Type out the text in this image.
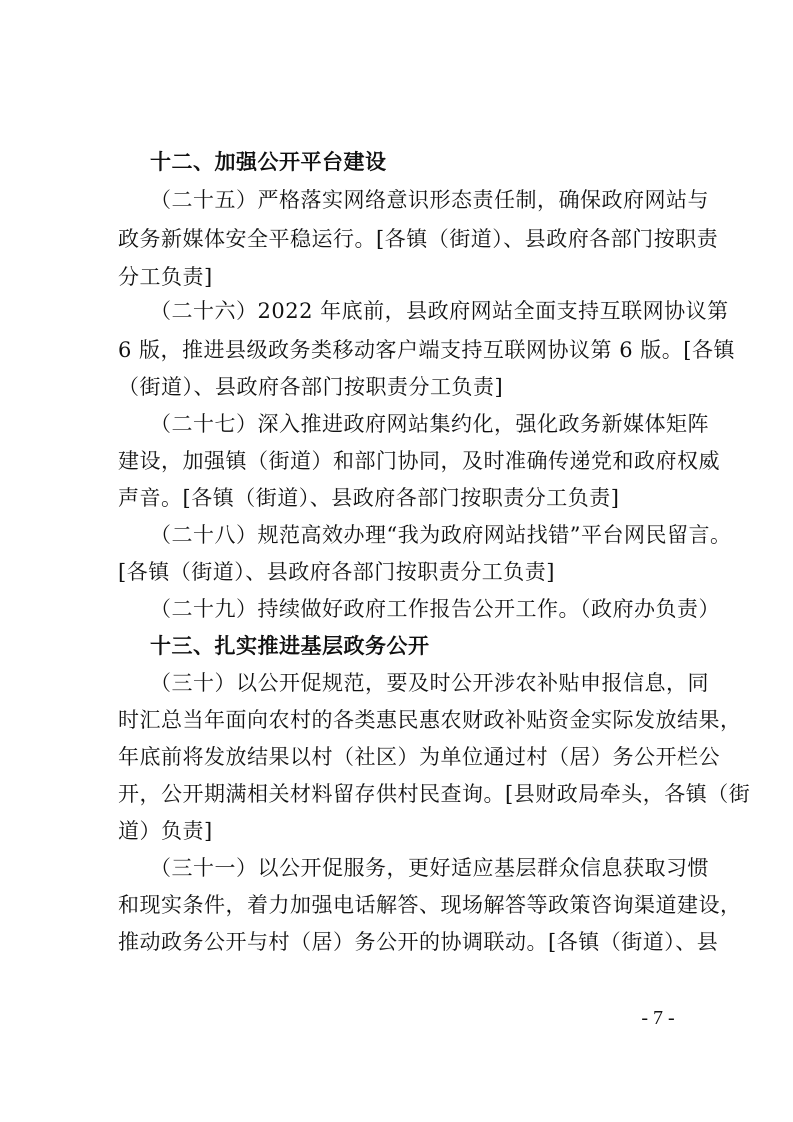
十二、加强公开平台建设
（二十五）严格落实网络意识形态责任制，确保政府网站与
政务新媒体安全平稳运行。[各镇（街道）、县政府各部门按职责
分工负责]
（二十六）2022 年底前，县政府网站全面支持互联网协议第
6 版，推进县级政务类移动客户端支持互联网协议第 6 版。[各镇
（街道）、县政府各部门按职责分工负责]
（二十七）深入推进政府网站集约化，强化政务新媒体矩阵
建设，加强镇（街道）和部门协同，及时准确传递党和政府权威
声音。[各镇（街道）、县政府各部门按职责分工负责]
（二十八）规范高效办理“我为政府网站找错”平台网民留言。
[各镇（街道）、县政府各部门按职责分工负责]
（二十九）持续做好政府工作报告公开工作。（政府办负责）
十三、扎实推进基层政务公开
（三十）以公开促规范，要及时公开涉农补贴申报信息，同
时汇总当年面向农村的各类惠民惠农财政补贴资金实际发放结果，
年底前将发放结果以村（社区）为单位通过村（居）务公开栏公
开，公开期满相关材料留存供村民查询。[县财政局牵头，各镇（街
道）负责]
（三十一）以公开促服务，更好适应基层群众信息获取习惯
和现实条件，着力加强电话解答、现场解答等政策咨询渠道建设，
推动政务公开与村（居）务公开的协调联动。[各镇（街道）、县
- 7 -
